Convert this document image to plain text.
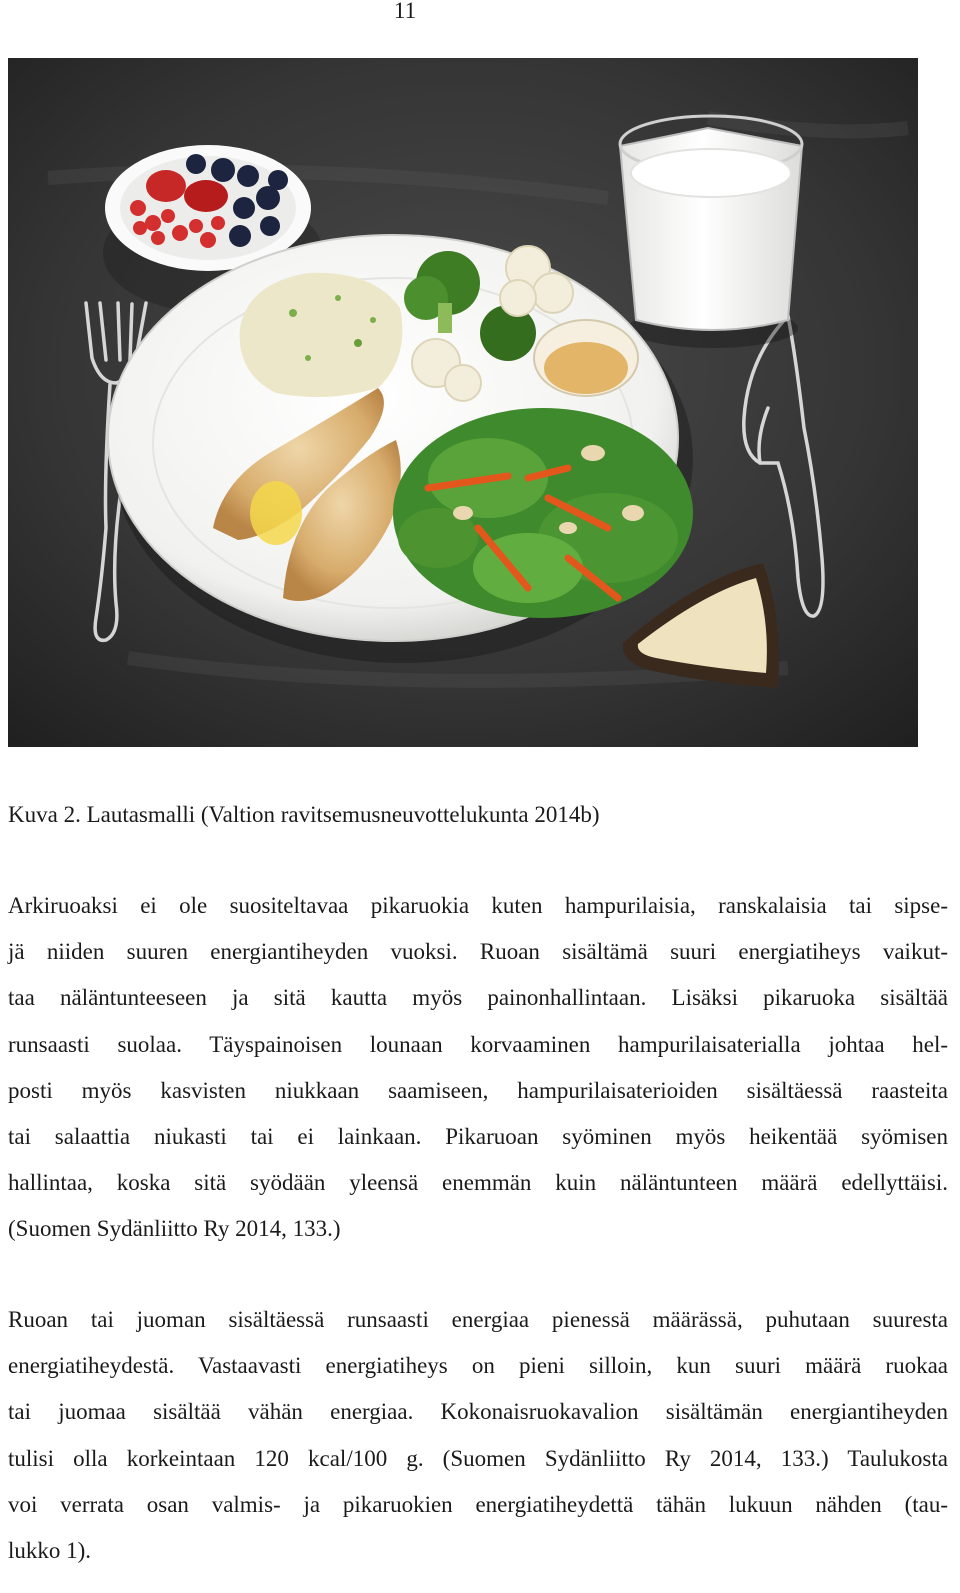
11
Kuva 2. Lautasmalli (Valtion ravitsemusneuvottelukunta 2014b)
Arkiruoaksi ei ole suositeltavaa pikaruokia kuten hampurilaisia, ranskalaisia tai sipse-
jä niiden suuren energiantiheyden vuoksi. Ruoan sisältämä suuri energiatiheys vaikut-
taa näläntunteeseen ja sitä kautta myös painonhallintaan. Lisäksi pikaruoka sisältää
runsaasti suolaa. Täyspainoisen lounaan korvaaminen hampurilaisaterialla johtaa hel-
posti myös kasvisten niukkaan saamiseen, hampurilaisaterioiden sisältäessä raasteita
tai salaattia niukasti tai ei lainkaan. Pikaruoan syöminen myös heikentää syömisen
hallintaa, koska sitä syödään yleensä enemmän kuin näläntunteen määrä edellyttäisi.
(Suomen Sydänliitto Ry 2014, 133.)
Ruoan tai juoman sisältäessä runsaasti energiaa pienessä määrässä, puhutaan suuresta
energiatiheydestä. Vastaavasti energiatiheys on pieni silloin, kun suuri määrä ruokaa
tai juomaa sisältää vähän energiaa. Kokonaisruokavalion sisältämän energiantiheyden
tulisi olla korkeintaan 120 kcal/100 g. (Suomen Sydänliitto Ry 2014, 133.) Taulukosta
voi verrata osan valmis- ja pikaruokien energiatiheydettä tähän lukuun nähden (tau-
lukko 1).
